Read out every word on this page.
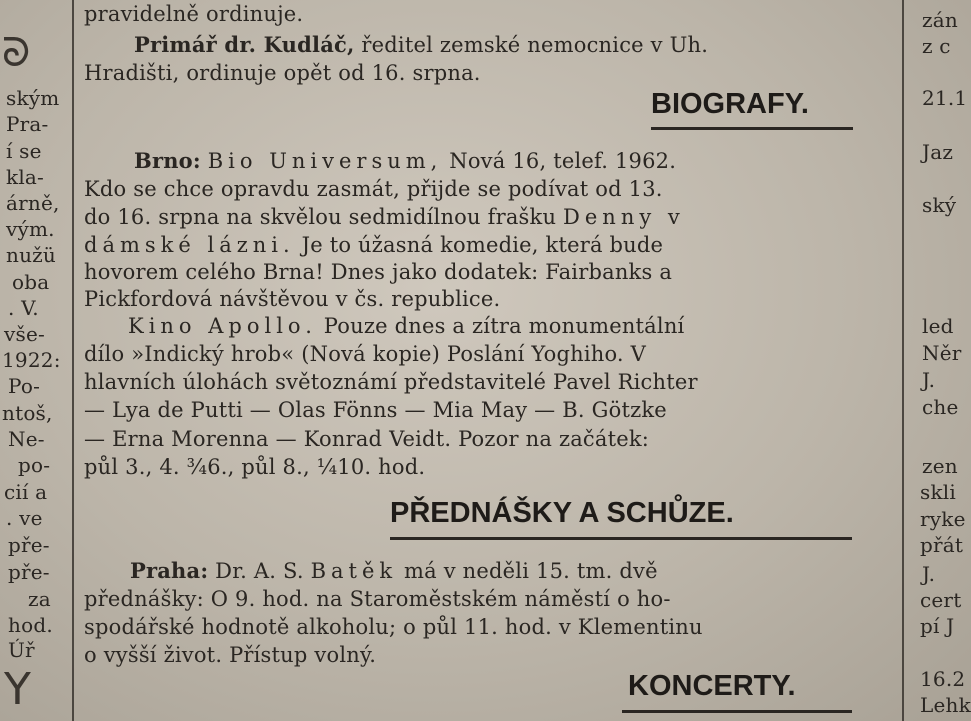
ᘐ
ským
Pra-
í se
kla-
árně,
vým.
nužü
oba
. V.
vše-
1922:
Po-
ntoš,
Ne-
po-
cií a
. ve
pře-
pře-
za
hod.
Úř
Y
pravidelně ordinuje.
Primář dr. Kudláč, ředitel zemské nemocnice v Uh.
Hradišti, ordinuje opět od 16. srpna.
BIOGRAFY.
Brno: Bio Universum, Nová 16, telef. 1962.
Kdo se chce opravdu zasmát, přijde se podívat od 13.
do 16. srpna na skvělou sedmidílnou frašku Denny v
dámské lázni. Je to úžasná komedie, která bude
hovorem celého Brna! Dnes jako dodatek: Fairbanks a
Pickfordová návštěvou v čs. republice.
Kino Apollo. Pouze dnes a zítra monumentální
dílo »Indický hrob« (Nová kopie) Poslání Yoghiho. V
hlavních úlohách světoznámí představitelé Pavel Richter
— Lya de Putti — Olas Fönns — Mia May — B. Götzke
— Erna Morenna — Konrad Veidt. Pozor na začátek:
půl 3., 4. ¾6., půl 8., ¼10. hod.
PŘEDNÁŠKY A SCHŮZE.
Praha: Dr. A. S. Batěk má v neděli 15. tm. dvě
přednášky: O 9. hod. na Staroměstském náměstí o ho-
spodářské hodnotě alkoholu; o půl 11. hod. v Klementinu
o vyšší život. Přístup volný.
KONCERTY.
zán
z c
21.1
Jaz
ský
led
Něr
J.
che
zen
skli
ryke
přát
J.
cert
pí J
16.2
Lehk
